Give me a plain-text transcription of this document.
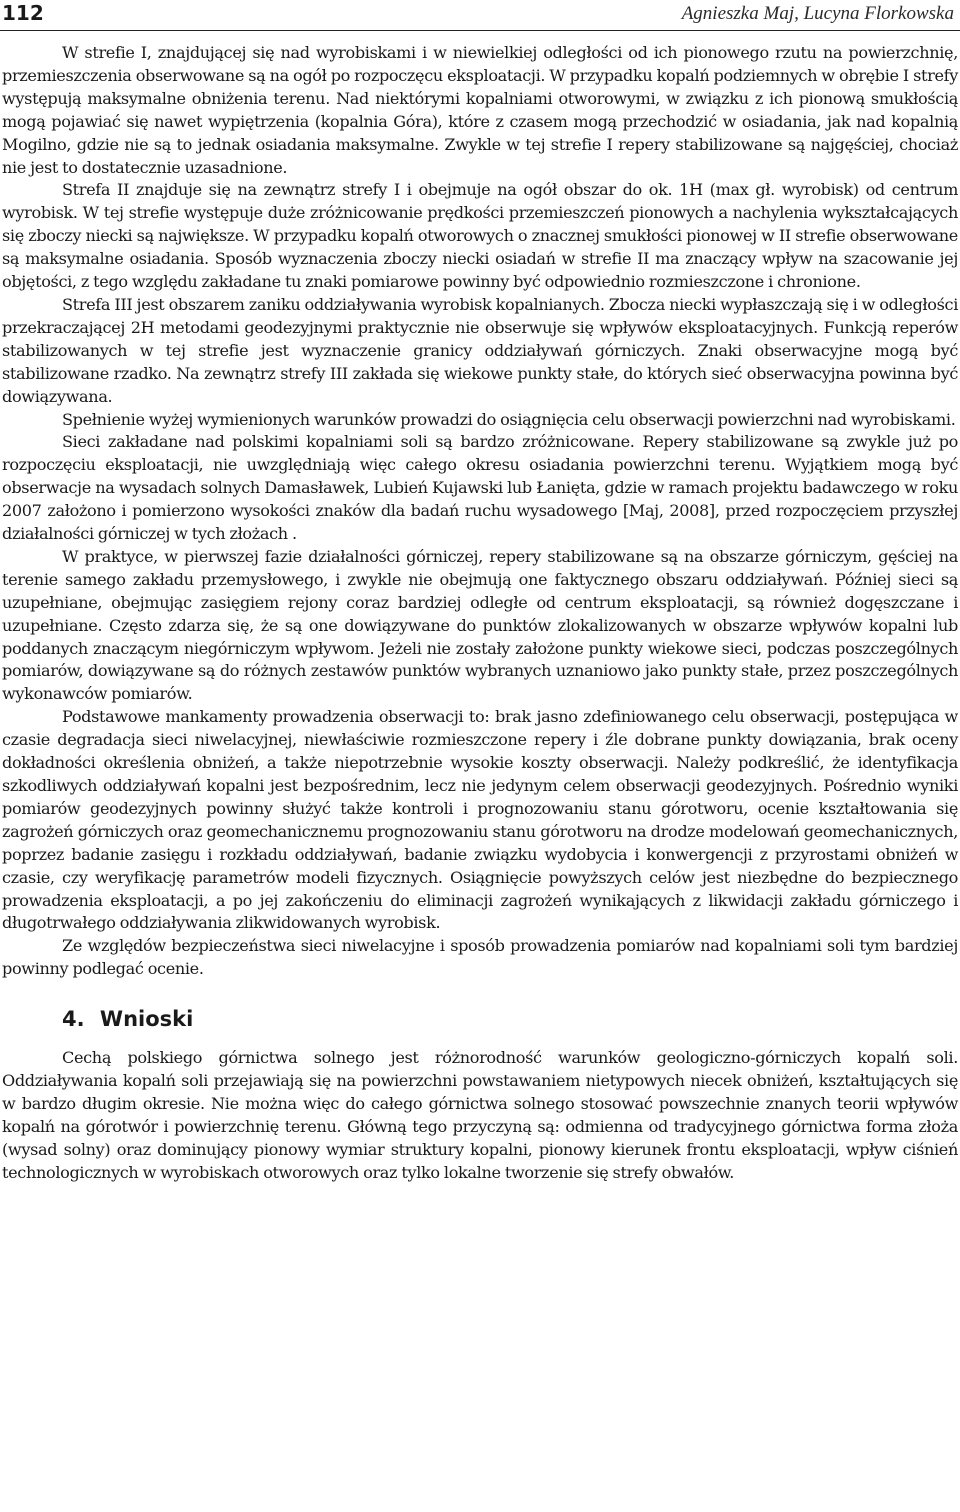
112	Agnieszka Maj, Lucyna Florkowska

W strefie I, znajdującej się nad wyrobiskami i w niewielkiej odległości od ich pionowego rzutu na powierzchnię, przemieszczenia obserwowane są na ogół po rozpoczęcu eksploatacji. W przypadku kopalń podziemnych w obrębie I strefy występują maksymalne obniżenia terenu. Nad niektórymi kopalniami otworowymi, w związku z ich pionową smukłością mogą pojawiać się nawet wypiętrzenia (kopalnia Góra), które z czasem mogą przechodzić w osiadania, jak nad kopalnią Mogilno, gdzie nie są to jednak osiadania maksymalne. Zwykle w tej strefie I repery stabilizowane są najgęściej, chociaż nie jest to dostatecznie uzasadnione.

Strefa II znajduje się na zewnątrz strefy I i obejmuje na ogół obszar do ok. 1H (max gł. wyrobisk) od centrum wyrobisk. W tej strefie występuje duże zróżnicowanie prędkości przemieszczeń pionowych a nachylenia wykształcających się zboczy niecki są największe. W przypadku kopalń otworowych o znacznej smukłości pionowej w II strefie obserwowane są maksymalne osiadania. Sposób wyznaczenia zboczy niecki osiadań w strefie II ma znaczący wpływ na szacowanie jej objętości, z tego względu zakładane tu znaki pomiarowe powinny być odpowiednio rozmieszczone i chronione.

Strefa III jest obszarem zaniku oddziaływania wyrobisk kopalnianych. Zbocza niecki wypłaszczają się i w odległości przekraczającej 2H metodami geodezyjnymi praktycznie nie obserwuje się wpływów eksploatacyjnych. Funkcją reperów stabilizowanych w tej strefie jest wyznaczenie granicy oddziaływań górniczych. Znaki obserwacyjne mogą być stabilizowane rzadko. Na zewnątrz strefy III zakłada się wiekowe punkty stałe, do których sieć obserwacyjna powinna być dowiązywana.

Spełnienie wyżej wymienionych warunków prowadzi do osiągnięcia celu obserwacji powierzchni nad wyrobiskami.

Sieci zakładane nad polskimi kopalniami soli są bardzo zróżnicowane. Repery stabilizowane są zwykle już po rozpoczęciu eksploatacji, nie uwzględniają więc całego okresu osiadania powierzchni terenu. Wyjątkiem mogą być obserwacje na wysadach solnych Damasławek, Lubień Kujawski lub Łanięta, gdzie w ramach projektu badawczego w roku 2007 założono i pomierzono wysokości znaków dla badań ruchu wysadowego [Maj, 2008], przed rozpoczęciem przyszłej działalności górniczej w tych złożach .

W praktyce, w pierwszej fazie działalności górniczej, repery stabilizowane są na obszarze górniczym, gęściej na terenie samego zakładu przemysłowego, i zwykle nie obejmują one faktycznego obszaru oddziaływań. Później sieci są uzupełniane, obejmując zasięgiem rejony coraz bardziej odległe od centrum eksploatacji, są również dogęszczane i uzupełniane. Często zdarza się, że są one dowiązywane do punktów zlokalizowanych w obszarze wpływów kopalni lub poddanych znaczącym niegórniczym wpływom. Jeżeli nie zostały założone punkty wiekowe sieci, podczas poszczególnych pomiarów, dowiązywane są do różnych zestawów punktów wybranych uznaniowo jako punkty stałe, przez poszczególnych wykonawców pomiarów.

Podstawowe mankamenty prowadzenia obserwacji to: brak jasno zdefiniowanego celu obserwacji, postępująca w czasie degradacja sieci niwelacyjnej, niewłaściwie rozmieszczone repery i źle dobrane punkty dowiązania, brak oceny dokładności określenia obniżeń, a także niepotrzebnie wysokie koszty obserwacji. Należy podkreślić, że identyfikacja szkodliwych oddziaływań kopalni jest bezpośrednim, lecz nie jedynym celem obserwacji geodezyjnych. Pośrednio wyniki pomiarów geodezyjnych powinny służyć także kontroli i prognozowaniu stanu górotworu, ocenie kształtowania się zagrożeń górniczych oraz geomechanicznemu prognozowaniu stanu górotworu na drodze modelowań geomechanicznych, poprzez badanie zasięgu i rozkładu oddziaływań, badanie związku wydobycia i konwergencji z przyrostami obniżeń w czasie, czy weryfikację parametrów modeli fizycznych. Osiągnięcie powyższych celów jest niezbędne do bezpiecznego prowadzenia eksploatacji, a po jej zakończeniu do eliminacji zagrożeń wynikających z likwidacji zakładu górniczego i długotrwałego oddziaływania zlikwidowanych wyrobisk.

Ze względów bezpieczeństwa sieci niwelacyjne i sposób prowadzenia pomiarów nad kopalniami soli tym bardziej powinny podlegać ocenie.

4. Wnioski

Cechą polskiego górnictwa solnego jest różnorodność warunków geologiczno-górniczych kopalń soli. Oddziaływania kopalń soli przejawiają się na powierzchni powstawaniem nietypowych niecek obniżeń, kształtujących się w bardzo długim okresie. Nie można więc do całego górnictwa solnego stosować powszechnie znanych teorii wpływów kopalń na górotwór i powierzchnię terenu. Główną tego przyczyną są: odmienna od tradycyjnego górnictwa forma złoża (wysad solny) oraz dominujący pionowy wymiar struktury kopalni, pionowy kierunek frontu eksploatacji, wpływ ciśnień technologicznych w wyrobiskach otworowych oraz tylko lokalne tworzenie się strefy obwałów.
